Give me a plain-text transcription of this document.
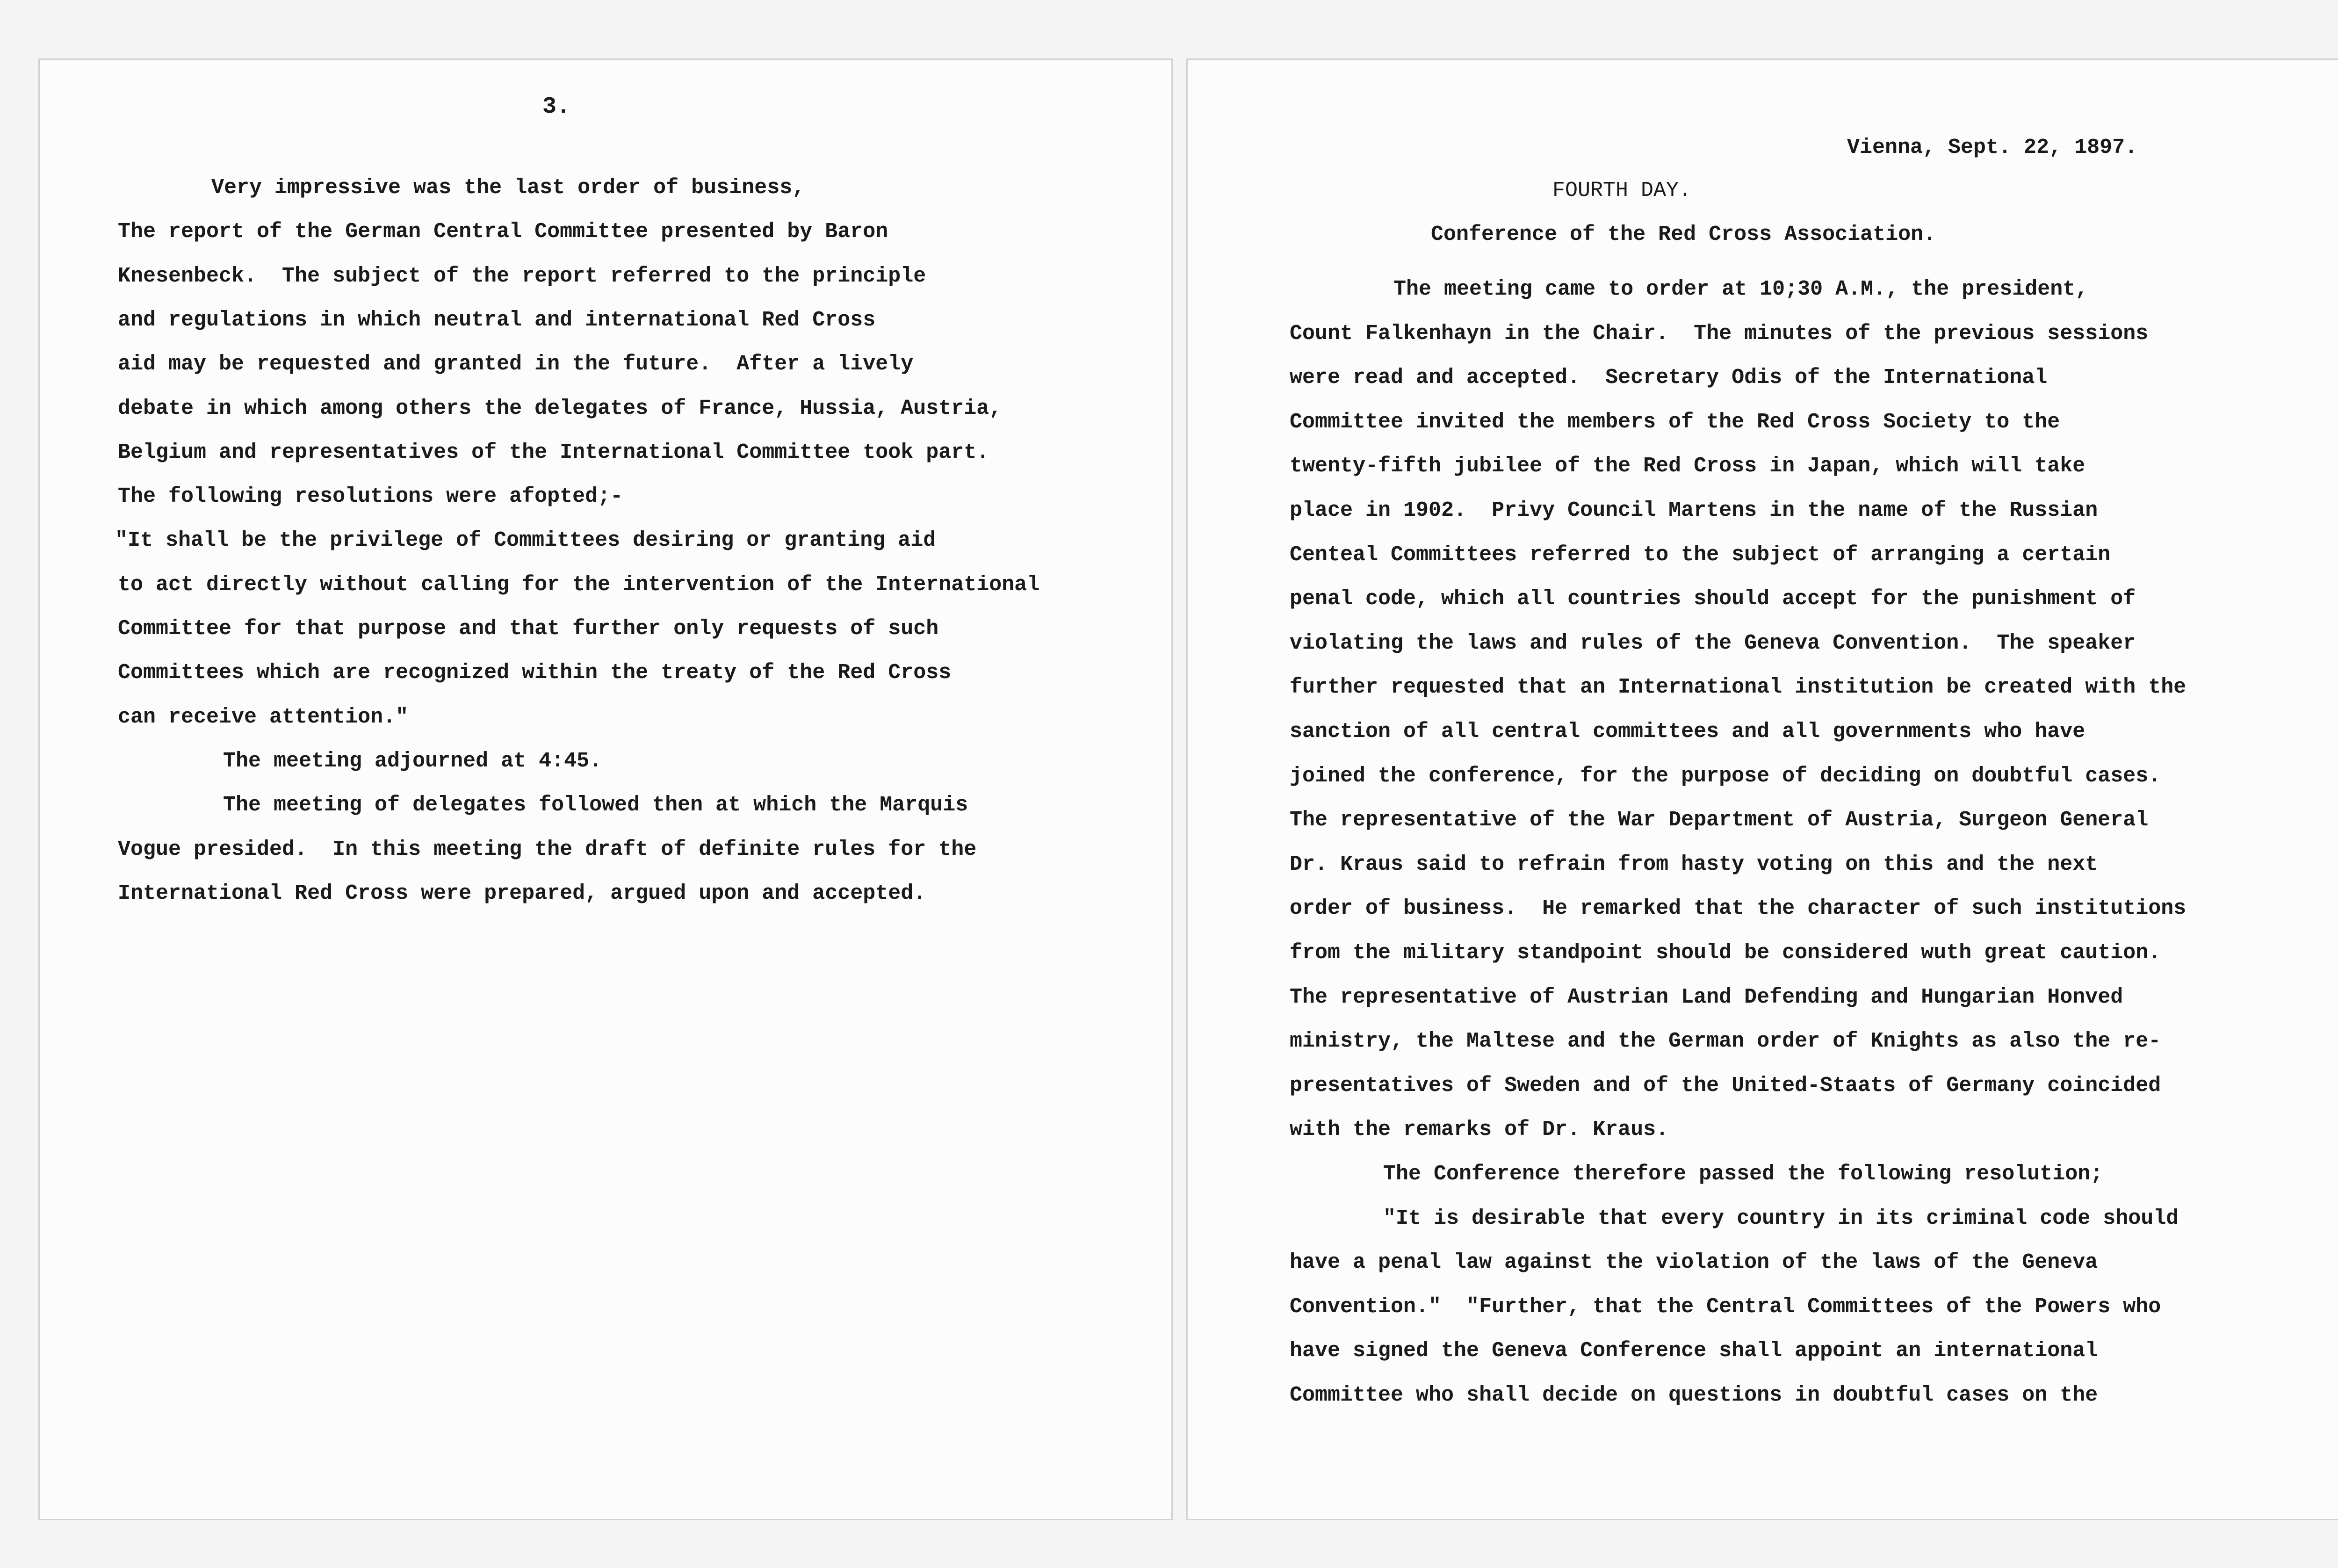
3.
Vienna, Sept. 22, 1897.
FOURTH DAY.
Conference of the Red Cross Association.
Very impressive was the last order of business,
The report of the German Central Committee presented by Baron
Knesenbeck.  The subject of the report referred to the principle
and regulations in which neutral and international Red Cross
aid may be requested and granted in the future.  After a lively
debate in which among others the delegates of France, Hussia, Austria,
Belgium and representatives of the International Committee took part.
The following resolutions were afopted;-
"It shall be the privilege of Committees desiring or granting aid
to act directly without calling for the intervention of the International
Committee for that purpose and that further only requests of such
Committees which are recognized within the treaty of the Red Cross
can receive attention."
The meeting adjourned at 4:45.
The meeting of delegates followed then at which the Marquis
Vogue presided.  In this meeting the draft of definite rules for the
International Red Cross were prepared, argued upon and accepted.
The meeting came to order at 10;30 A.M., the president,
Count Falkenhayn in the Chair.  The minutes of the previous sessions
were read and accepted.  Secretary Odis of the International
Committee invited the members of the Red Cross Society to the
twenty-fifth jubilee of the Red Cross in Japan, which will take
place in 1902.  Privy Council Martens in the name of the Russian
Centeal Committees referred to the subject of arranging a certain
penal code, which all countries should accept for the punishment of
violating the laws and rules of the Geneva Convention.  The speaker
further requested that an International institution be created with the
sanction of all central committees and all governments who have
joined the conference, for the purpose of deciding on doubtful cases.
The representative of the War Department of Austria, Surgeon General
Dr. Kraus said to refrain from hasty voting on this and the next
order of business.  He remarked that the character of such institutions
from the military standpoint should be considered wuth great caution.
The representative of Austrian Land Defending and Hungarian Honved
ministry, the Maltese and the German order of Knights as also the re-
presentatives of Sweden and of the United-Staats of Germany coincided
with the remarks of Dr. Kraus.
The Conference therefore passed the following resolution;
"It is desirable that every country in its criminal code should
have a penal law against the violation of the laws of the Geneva
Convention."  "Further, that the Central Committees of the Powers who
have signed the Geneva Conference shall appoint an international
Committee who shall decide on questions in doubtful cases on the
